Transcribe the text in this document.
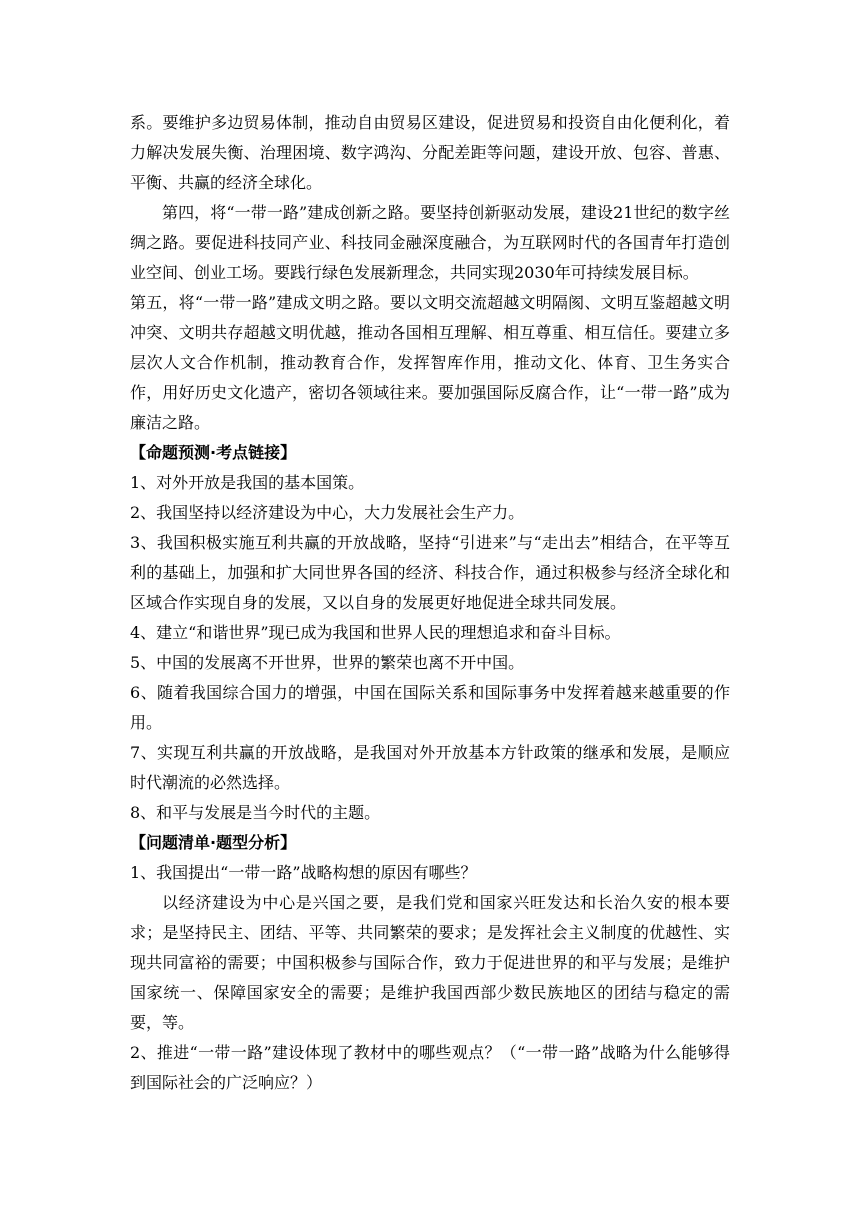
系。要维护多边贸易体制，推动自由贸易区建设，促进贸易和投资自由化便利化，着力解决发展失衡、治理困境、数字鸿沟、分配差距等问题，建设开放、包容、普惠、平衡、共赢的经济全球化。

第四，将“一带一路”建成创新之路。要坚持创新驱动发展，建设21世纪的数字丝绸之路。要促进科技同产业、科技同金融深度融合，为互联网时代的各国青年打造创业空间、创业工场。要践行绿色发展新理念，共同实现2030年可持续发展目标。

第五，将“一带一路”建成文明之路。要以文明交流超越文明隔阂、文明互鉴超越文明冲突、文明共存超越文明优越，推动各国相互理解、相互尊重、相互信任。要建立多层次人文合作机制，推动教育合作，发挥智库作用，推动文化、体育、卫生务实合作，用好历史文化遗产，密切各领域往来。要加强国际反腐合作，让“一带一路”成为廉洁之路。

【命题预测·考点链接】

1、对外开放是我国的基本国策。

2、我国坚持以经济建设为中心，大力发展社会生产力。

3、我国积极实施互利共赢的开放战略，坚持“引进来”与“走出去”相结合，在平等互利的基础上，加强和扩大同世界各国的经济、科技合作，通过积极参与经济全球化和区域合作实现自身的发展，又以自身的发展更好地促进全球共同发展。

4、建立“和谐世界”现已成为我国和世界人民的理想追求和奋斗目标。

5、中国的发展离不开世界，世界的繁荣也离不开中国。

6、随着我国综合国力的增强，中国在国际关系和国际事务中发挥着越来越重要的作用。

7、实现互利共赢的开放战略，是我国对外开放基本方针政策的继承和发展，是顺应时代潮流的必然选择。

8、和平与发展是当今时代的主题。

【问题清单·题型分析】

1、我国提出“一带一路”战略构想的原因有哪些？

以经济建设为中心是兴国之要，是我们党和国家兴旺发达和长治久安的根本要求；是坚持民主、团结、平等、共同繁荣的要求；是发挥社会主义制度的优越性、实现共同富裕的需要；中国积极参与国际合作，致力于促进世界的和平与发展；是维护国家统一、保障国家安全的需要；是维护我国西部少数民族地区的团结与稳定的需要，等。

2、推进“一带一路”建设体现了教材中的哪些观点？（“一带一路”战略为什么能够得到国际社会的广泛响应？）
